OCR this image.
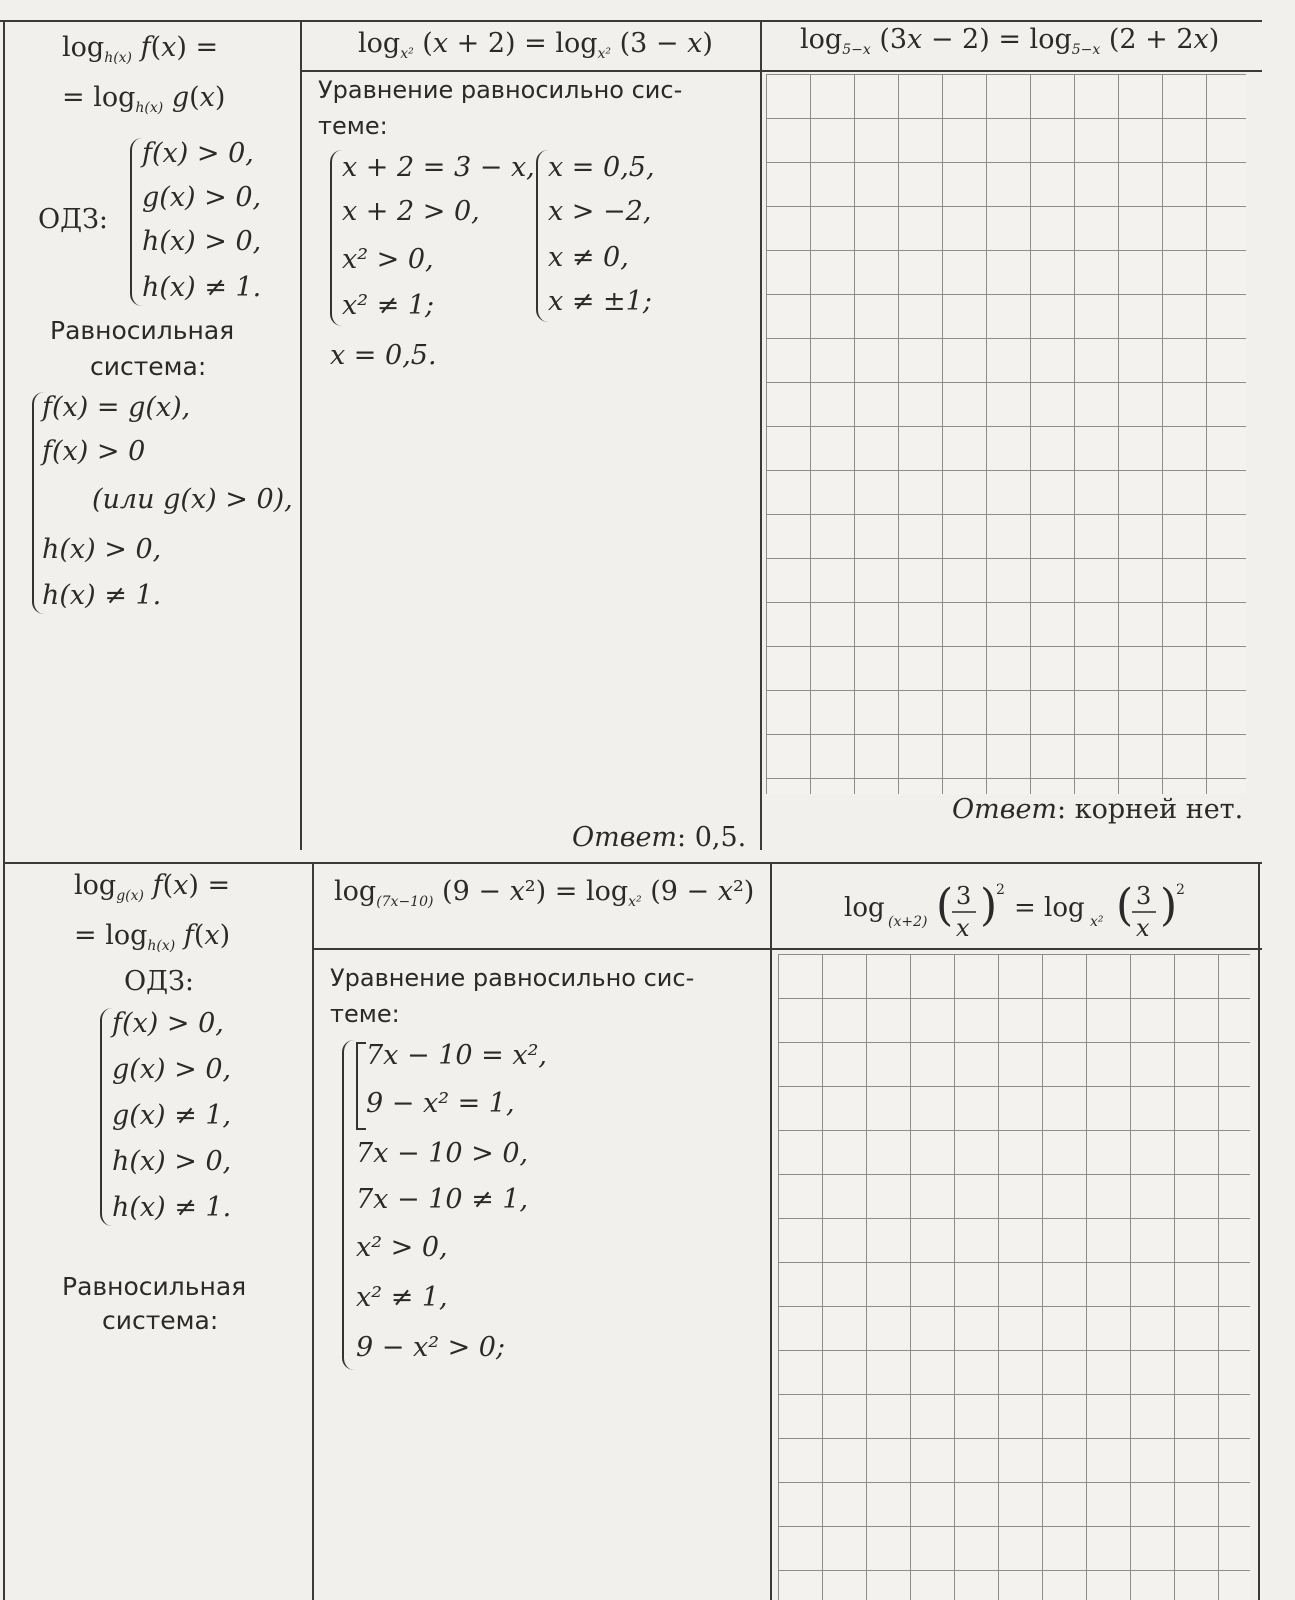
$\log_{h(x)} f(x)$ =
= $\log_{h(x)} g(x)$
ОДЗ:
f(x) > 0,
g(x) > 0,
h(x) > 0,
h(x) ≠ 1.
Равносильная
система:
f(x) = g(x),
f(x) > 0
(или g(x) > 0),
h(x) > 0,
h(x) ≠ 1.
$\log_{x^2} (x + 2) = \log_{x^2} (3 - x)$
Уравнение равносильно сис-
теме:
x + 2 = 3 − x,
x + 2 > 0,
x² > 0,
x² ≠ 1;
x = 0,5,
x > −2,
x ≠ 0,
x ≠ ±1;
x = 0,5.
Ответ: 0,5.
$\log_{5-x} (3x - 2) = \log_{5-x} (2 + 2x)$
Ответ: корней нет.
$\log_{g(x)} f(x)$ =
= $\log_{h(x)} f(x)$
ОДЗ:
f(x) > 0,
g(x) > 0,
g(x) ≠ 1,
h(x) > 0,
h(x) ≠ 1.
Равносильная
система:
$\log_{(7x-10)} (9 - x^2) = \log_{x^2} (9 - x^2)$
Уравнение равносильно сис-
теме:
7x − 10 = x²,
9 − x² = 1,
7x − 10 > 0,
7x − 10 ≠ 1,
x² > 0,
x² ≠ 1,
9 − x² > 0;
log (x+2) ( 3
x )
2
= log x² ( 3
x )
2
